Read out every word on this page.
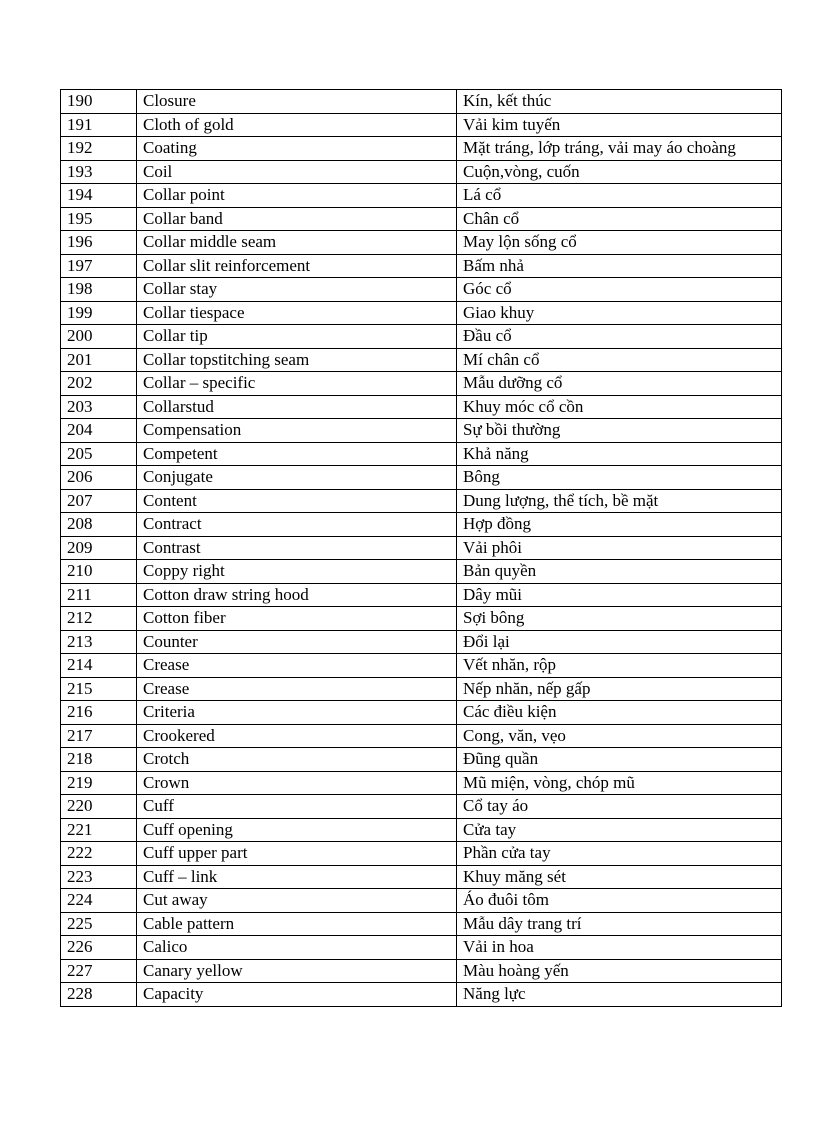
190	Closure	Kín, kết thúc
191	Cloth of gold	Vải kim tuyến
192	Coating	Mặt tráng, lớp tráng, vải may áo choàng
193	Coil	Cuộn,vòng, cuốn
194	Collar point	Lá cổ
195	Collar band	Chân cổ
196	Collar middle seam	May lộn sống cổ
197	Collar slit reinforcement	Bấm nhả
198	Collar stay	Góc cổ
199	Collar tiespace	Giao khuy
200	Collar tip	Đầu cổ
201	Collar topstitching seam	Mí chân cổ
202	Collar – specific	Mẫu dưỡng cổ
203	Collarstud	Khuy móc cổ cồn
204	Compensation	Sự bồi thường
205	Competent	Khả năng
206	Conjugate	Bông
207	Content	Dung lượng, thể tích, bề mặt
208	Contract	Hợp đồng
209	Contrast	Vải phôi
210	Coppy right	Bản quyền
211	Cotton draw string hood	Dây mũi
212	Cotton fiber	Sợi bông
213	Counter	Đổi lại
214	Crease	Vết nhăn, rộp
215	Crease	Nếp nhăn, nếp gấp
216	Criteria	Các điều kiện
217	Crookered	Cong, văn, vẹo
218	Crotch	Đũng quần
219	Crown	Mũ miện, vòng, chóp mũ
220	Cuff	Cổ tay áo
221	Cuff opening	Cửa tay
222	Cuff upper part	Phần cửa tay
223	Cuff – link	Khuy măng sét
224	Cut away	Áo đuôi tôm
225	Cable pattern	Mẫu dây trang trí
226	Calico	Vải in hoa
227	Canary yellow	Màu hoàng yến
228	Capacity	Năng lực
